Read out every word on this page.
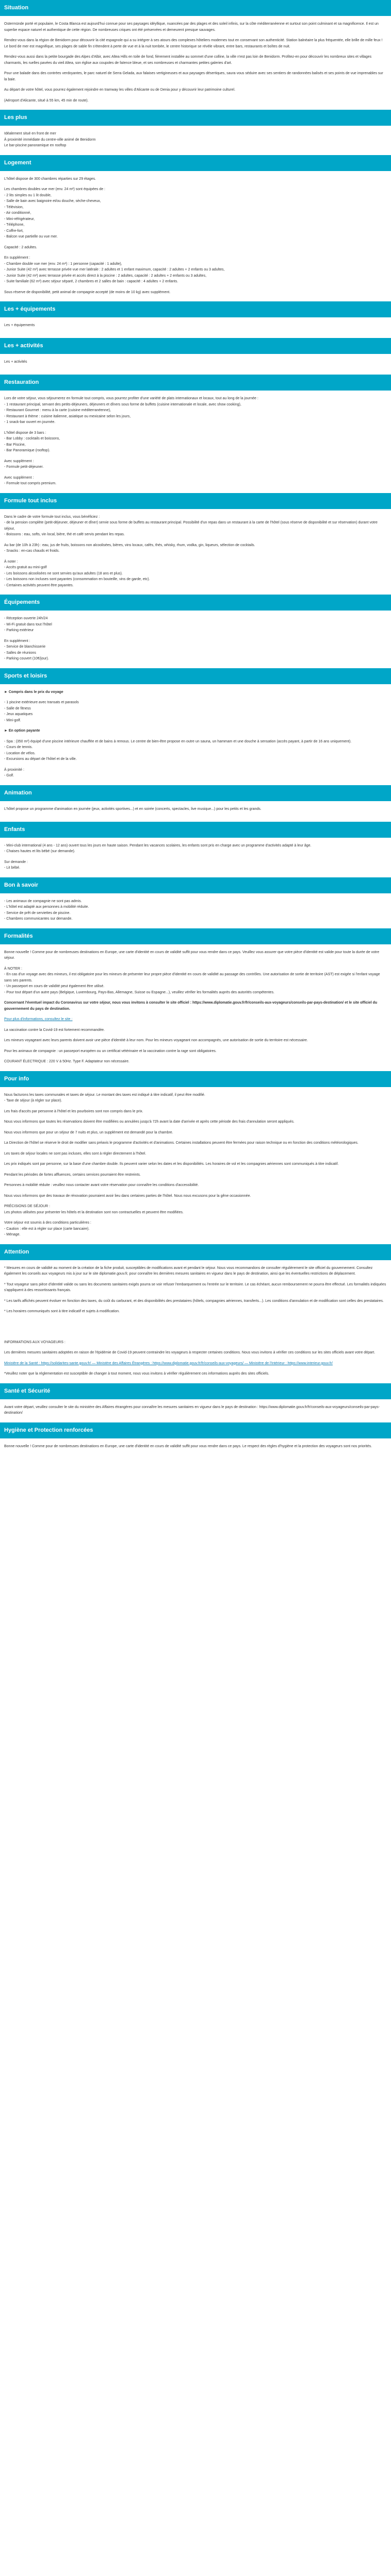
Situation

Ostermünde porté et populaire, le Costa Blanca est aujourd'hui connue pour ses paysages idéyllique, nuancées par des plages et des soleil infinis, sur la côte méditerranéenne et surtout son point culminant et sa magnificence. Il est un superbe espace naturel et authentique de cette région. De nombreuses criques ont été préservées et demeurent presque sauvages.

Rendez-vous dans la région de Benidorm pour découvrir la cité espagnole qui a su intégrer à ses atours des complexes hôteliers modernes tout en conservant son authenticité. Station balnéaire la plus fréquentée, elle brille de mille feux ! Le bord de mer est magnifique, ses plages de sable fin s'étendent à perte de vue et à la nuit tombée, le centre historique se révèle vibrant, entre bars, restaurants et boîtes de nuit.

Rendez-vous aussi dans la petite bourgade des Alpes d'Albir, avec Altea Hills en toile de fond, fièrement installée au sommet d'une colline, la ville n'est pas loin de Benidorm. Profitez-en pour découvrir les nombreux sites et villages charmants, les ruelles pavées du vieil Altea, son église aux coupoles de faïence bleue, et ses nombreuses et charmantes petites galeries d'art.

Pour une balade dans des contrées verdoyantes, le parc naturel de Serra Gelada, aux falaises vertigineuses et aux paysages désertiques, saura vous séduire avec ses sentiers de randonnées balisés et ses points de vue imprenables sur la baie.

Au départ de votre hôtel, vous pourrez également rejoindre en tramway les villes d'Alicante ou de Denia pour y découvrir leur patrimoine culturel.

(Aéroport d'Alicante, situé à 55 km, 45 min de route).

Les plus

Idéalement situé en front de mer
À proximité immédiate du centre-ville animé de Benidorm
Le bar-piscine panoramique en rooftop

Logement

L'hôtel dispose de 300 chambres réparties sur 29 étages.

Les chambres doubles vue mer (env. 24 m²) sont équipées de :
- 2 lits simples ou 1 lit double,
- Salle de bain avec baignoire et/ou douche, sèche-cheveux,
- Télévision,
- Air conditionné,
- Mini-réfrigérateur,
- Téléphone,
- Coffre-fort,
- Balcon vue partielle ou vue mer.

Capacité : 2 adultes.

En supplément :
- Chambre double vue mer (env. 24 m²) : 1 personne (capacité : 1 adulte),
- Junior Suite (42 m²) avec terrasse privée vue mer latérale : 2 adultes et 1 enfant maximum, capacité : 2 adultes + 2 enfants ou 3 adultes,
- Junior Suite (42 m²) avec terrasse privée et accès direct à la piscine : 2 adultes, capacité : 2 adultes + 2 enfants ou 3 adultes,
- Suite familiale (62 m²) avec séjour séparé, 2 chambres et 2 salles de bain : capacité : 4 adultes + 2 enfants.

Sous réserve de disponibilité, petit animal de compagnie accepté (de moins de 10 kg) avec supplément.

Les + équipements

Les + équipements

Les + activités

Les + activités

Restauration

Lors de votre séjour, vous séjournerez en formule tout compris, vous pourrez profiter d'une variété de plats internationaux et locaux, tout au long de la journée :
- 1 restaurant principal, servant des petits-déjeuners, déjeuners et dîners sous forme de buffets (cuisine internationale et locale, avec show cooking),
- Restaurant Gourmet : menu à la carte (cuisine méditerranéenne),
- Restaurant à thème : cuisine italienne, asiatique ou mexicaine selon les jours,
- 1 snack-bar ouvert en journée.

L'hôtel dispose de 3 bars :
- Bar Lobby : cocktails et boissons,
- Bar Piscine,
- Bar Panoramique (rooftop).

Avec supplément :
- Formule petit-déjeuner.

Avec supplément :
- Formule tout compris premium.

Formule tout inclus

Dans le cadre de votre formule tout inclus, vous bénéficiez :
- de la pension complète (petit-déjeuner, déjeuner et dîner) servie sous forme de buffets au restaurant principal. Possibilité d'un repas dans un restaurant à la carte de l'hôtel (sous réserve de disponibilité et sur réservation) durant votre séjour,
- Boissons : eau, softs, vin local, bière, thé et café servis pendant les repas.

Au bar (de 10h à 23h) : eau, jus de fruits, boissons non alcoolisées, bières, vins locaux, cafés, thés, whisky, rhum, vodka, gin, liqueurs, sélection de cocktails.
- Snacks : en-cas chauds et froids.

À noter :
- Accès gratuit au mini-golf
- Les boissons alcoolisées ne sont servies qu'aux adultes (18 ans et plus).
- Les boissons non incluses sont payantes (consommation en bouteille, vins de garde, etc).
- Certaines activités peuvent être payantes.

Équipements

- Réception ouverte 24h/24
- Wi-Fi gratuit dans tout l'hôtel
- Parking extérieur

En supplément :
- Service de blanchisserie
- Salles de réunions
- Parking couvert (10€/jour).

Sports et loisirs

► Compris dans le prix du voyage

- 1 piscine extérieure avec transats et parasols
- Salle de fitness
- Jeux aquatiques
- Mini-golf.

► En option payante

- Spa : (350 m²) équipé d'une piscine intérieure chauffée et de bains à remous. Le centre de bien-être propose en outre un sauna, un hammam et une douche à sensation (accès payant, à partir de 16 ans uniquement).
- Cours de tennis.
- Location de vélos.
- Excursions au départ de l'hôtel et de la ville.

À proximité :
- Golf.

Animation

L'hôtel propose un programme d'animation en journée (jeux, activités sportives...) et en soirée (concerts, spectacles, live musique...) pour les petits et les grands.

Enfants

- Mini-club international (4 ans - 12 ans) ouvert tous les jours en haute saison. Pendant les vacances scolaires, les enfants sont pris en charge avec un programme d'activités adapté à leur âge.
- Chaises hautes et lits bébé (sur demande).

Sur demande :
- Lit bébé.

Bon à savoir

- Les animaux de compagnie ne sont pas admis.
- L'hôtel est adapté aux personnes à mobilité réduite.
- Service de prêt de serviettes de piscine.
- Chambres communicantes sur demande.

Formalités

Bonne nouvelle ! Comme pour de nombreuses destinations en Europe, une carte d'identité en cours de validité suffit pour vous rendre dans ce pays. Veuillez vous assurer que votre pièce d'identité est valide pour toute la durée de votre séjour.

À NOTER :
- En cas d'un voyage avec des mineurs, il est obligatoire pour les mineurs de présenter leur propre pièce d'identité en cours de validité au passage des contrôles. Une autorisation de sortie de territoire (AST) est exigée si l'enfant voyage sans ses parents.
- Un passeport en cours de validité peut également être utilisé.
- Pour tout départ d'un autre pays (Belgique, Luxembourg, Pays-Bas, Allemagne, Suisse ou Espagne...), veuillez vérifier les formalités auprès des autorités compétentes.

Concernant l'éventuel impact du Coronavirus sur votre séjour, nous vous invitons à consulter le site officiel : https://www.diplomatie.gouv.fr/fr/conseils-aux-voyageurs/conseils-par-pays-destination/ et le site officiel du gouvernement du pays de destination.

Pour plus d'informations, consultez le site :

La vaccination contre la Covid-19 est fortement recommandée.

Les mineurs voyageant avec leurs parents doivent avoir une pièce d'identité à leur nom. Pour les mineurs voyageant non accompagnés, une autorisation de sortie du territoire est nécessaire.

Pour les animaux de compagnie : un passeport européen ou un certificat vétérinaire et la vaccination contre la rage sont obligatoires.

COURANT ÉLECTRIQUE : 220 V à 50Hz. Type F. Adaptateur non nécessaire.

Pour info

Nous facturons les taxes communales et taxes de séjour. Le montant des taxes est indiqué à titre indicatif, il peut être modifié.
- Taxe de séjour (à régler sur place).

Les frais d'accès par personne à l'hôtel et les pourboires sont non compris dans le prix.

Nous vous informons que toutes les réservations doivent être modifiées ou annulées jusqu'à 72h avant la date d'arrivée et après cette période des frais d'annulation seront appliqués.

Nous vous informons que pour un séjour de 7 nuits et plus, un supplément est demandé pour la chambre.

La Direction de l'hôtel se réserve le droit de modifier sans préavis le programme d'activités et d'animations. Certaines installations peuvent être fermées pour raison technique ou en fonction des conditions météorologiques.

Les taxes de séjour locales ne sont pas incluses, elles sont à régler directement à l'hôtel.

Les prix indiqués sont par personne, sur la base d'une chambre double. Ils peuvent varier selon les dates et les disponibilités. Les horaires de vol et les compagnies aériennes sont communiqués à titre indicatif.

Pendant les périodes de fortes affluences, certains services pourraient être restreints.

Personnes à mobilité réduite : veuillez nous contacter avant votre réservation pour connaître les conditions d'accessibilité.

Nous vous informons que des travaux de rénovation pourraient avoir lieu dans certaines parties de l'hôtel. Nous nous excusons pour la gêne occasionnée.

PRÉCISIONS DE SÉJOUR :
Les photos utilisées pour présenter les hôtels et la destination sont non contractuelles et peuvent être modifiées.

Votre séjour est soumis à des conditions particulières :
- Caution : elle est à régler sur place (carte bancaire).
- Ménage.

Attention

* Mesures en cours de validité au moment de la création de la fiche produit, susceptibles de modifications avant et pendant le séjour. Nous vous recommandons de consulter régulièrement le site officiel du gouvernement. Consultez également les conseils aux voyageurs mis à jour sur le site diplomatie.gouv.fr, pour connaître les dernières mesures sanitaires en vigueur dans le pays de destination, ainsi que les éventuelles restrictions de déplacement.

* Tout voyageur sans pièce d'identité valide ou sans les documents sanitaires exigés pourra se voir refuser l'embarquement ou l'entrée sur le territoire. Le cas échéant, aucun remboursement ne pourra être effectué. Les formalités indiquées s'appliquent à des ressortissants français.

* Les tarifs affichés peuvent évoluer en fonction des taxes, du coût du carburant, et des disponibilités des prestataires (hôtels, compagnies aériennes, transferts...). Les conditions d'annulation et de modification sont celles des prestataires.

* Les horaires communiqués sont à titre indicatif et sujets à modification.

INFORMATIONS AUX VOYAGEURS :

Les dernières mesures sanitaires adoptées en raison de l'épidémie de Covid-19 peuvent contraindre les voyageurs à respecter certaines conditions. Nous vous invitons à vérifier ces conditions sur les sites officiels avant votre départ.

Ministère de la Santé : https://solidarites-sante.gouv.fr/ — Ministère des Affaires Étrangères : https://www.diplomatie.gouv.fr/fr/conseils-aux-voyageurs/ — Ministère de l'Intérieur : https://www.interieur.gouv.fr/

*Veuillez noter que la réglementation est susceptible de changer à tout moment, nous vous invitons à vérifier régulièrement ces informations auprès des sites officiels.

Santé et Sécurité

Avant votre départ, veuillez consulter le site du ministère des Affaires étrangères pour connaître les mesures sanitaires en vigueur dans le pays de destination : https://www.diplomatie.gouv.fr/fr/conseils-aux-voyageurs/conseils-par-pays-destination/

Hygiène et Protection renforcées

Bonne nouvelle ! Comme pour de nombreuses destinations en Europe, une carte d'identité en cours de validité suffit pour vous rendre dans ce pays. Le respect des règles d'hygiène et la protection des voyageurs sont nos priorités.
